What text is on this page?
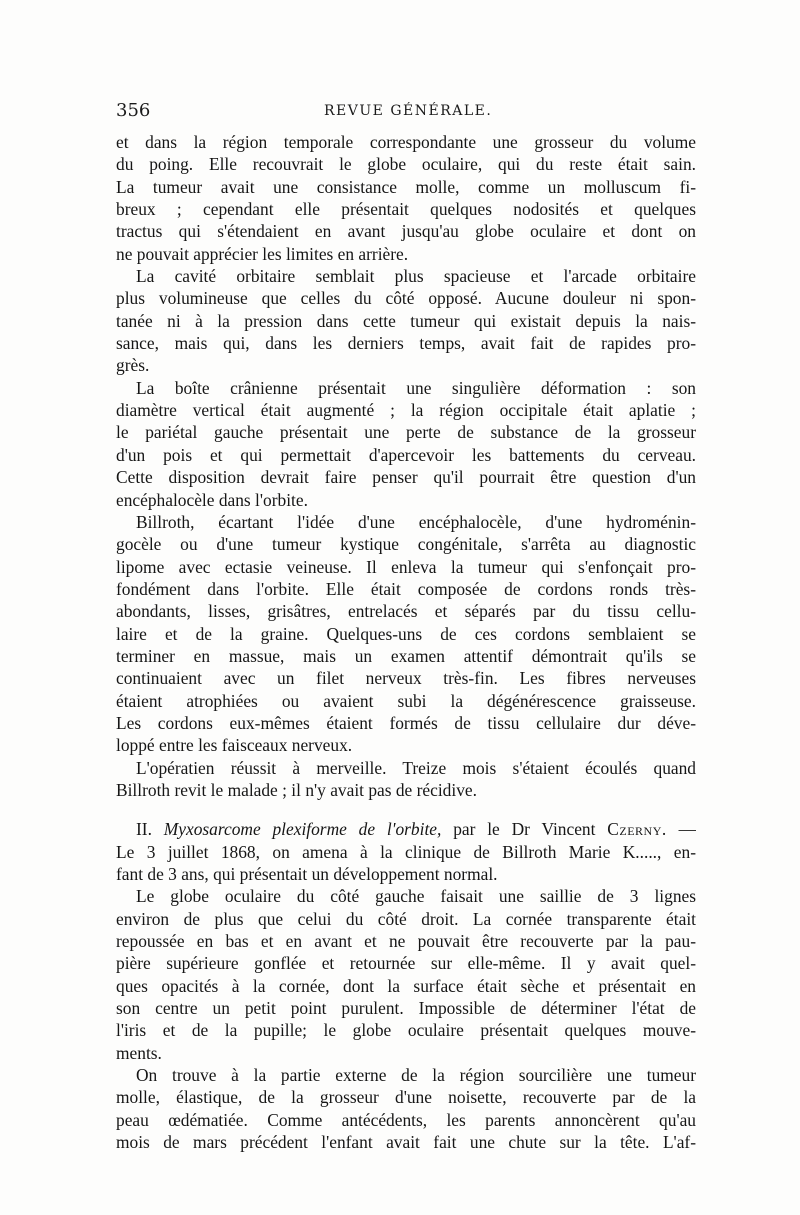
356	REVUE GÉNÉRALE.
et dans la région temporale correspondante une grosseur du volume
du poing. Elle recouvrait le globe oculaire, qui du reste était sain.
La tumeur avait une consistance molle, comme un molluscum fi-
breux ; cependant elle présentait quelques nodosités et quelques
tractus qui s'étendaient en avant jusqu'au globe oculaire et dont on
ne pouvait apprécier les limites en arrière.
La cavité orbitaire semblait plus spacieuse et l'arcade orbitaire
plus volumineuse que celles du côté opposé. Aucune douleur ni spon-
tanée ni à la pression dans cette tumeur qui existait depuis la nais-
sance, mais qui, dans les derniers temps, avait fait de rapides pro-
grès.
La boîte crânienne présentait une singulière déformation : son
diamètre vertical était augmenté ; la région occipitale était aplatie ;
le pariétal gauche présentait une perte de substance de la grosseur
d'un pois et qui permettait d'apercevoir les battements du cerveau.
Cette disposition devrait faire penser qu'il pourrait être question d'un
encéphalocèle dans l'orbite.
Billroth, écartant l'idée d'une encéphalocèle, d'une hydroménin-
gocèle ou d'une tumeur kystique congénitale, s'arrêta au diagnostic
lipome avec ectasie veineuse. Il enleva la tumeur qui s'enfonçait pro-
fondément dans l'orbite. Elle était composée de cordons ronds très-
abondants, lisses, grisâtres, entrelacés et séparés par du tissu cellu-
laire et de la graine. Quelques-uns de ces cordons semblaient se
terminer en massue, mais un examen attentif démontrait qu'ils se
continuaient avec un filet nerveux très-fin. Les fibres nerveuses
étaient atrophiées ou avaient subi la dégénérescence graisseuse.
Les cordons eux-mêmes étaient formés de tissu cellulaire dur déve-
loppé entre les faisceaux nerveux.
L'opératien réussit à merveille. Treize mois s'étaient écoulés quand
Billroth revit le malade ; il n'y avait pas de récidive.
II. Myxosarcome plexiforme de l'orbite, par le Dr Vincent Czerny. —
Le 3 juillet 1868, on amena à la clinique de Billroth Marie K....., en-
fant de 3 ans, qui présentait un développement normal.
Le globe oculaire du côté gauche faisait une saillie de 3 lignes
environ de plus que celui du côté droit. La cornée transparente était
repoussée en bas et en avant et ne pouvait être recouverte par la pau-
pière supérieure gonflée et retournée sur elle-même. Il y avait quel-
ques opacités à la cornée, dont la surface était sèche et présentait en
son centre un petit point purulent. Impossible de déterminer l'état de
l'iris et de la pupille; le globe oculaire présentait quelques mouve-
ments.
On trouve à la partie externe de la région sourcilière une tumeur
molle, élastique, de la grosseur d'une noisette, recouverte par de la
peau œdématiée. Comme antécédents, les parents annoncèrent qu'au
mois de mars précédent l'enfant avait fait une chute sur la tête. L'af-
